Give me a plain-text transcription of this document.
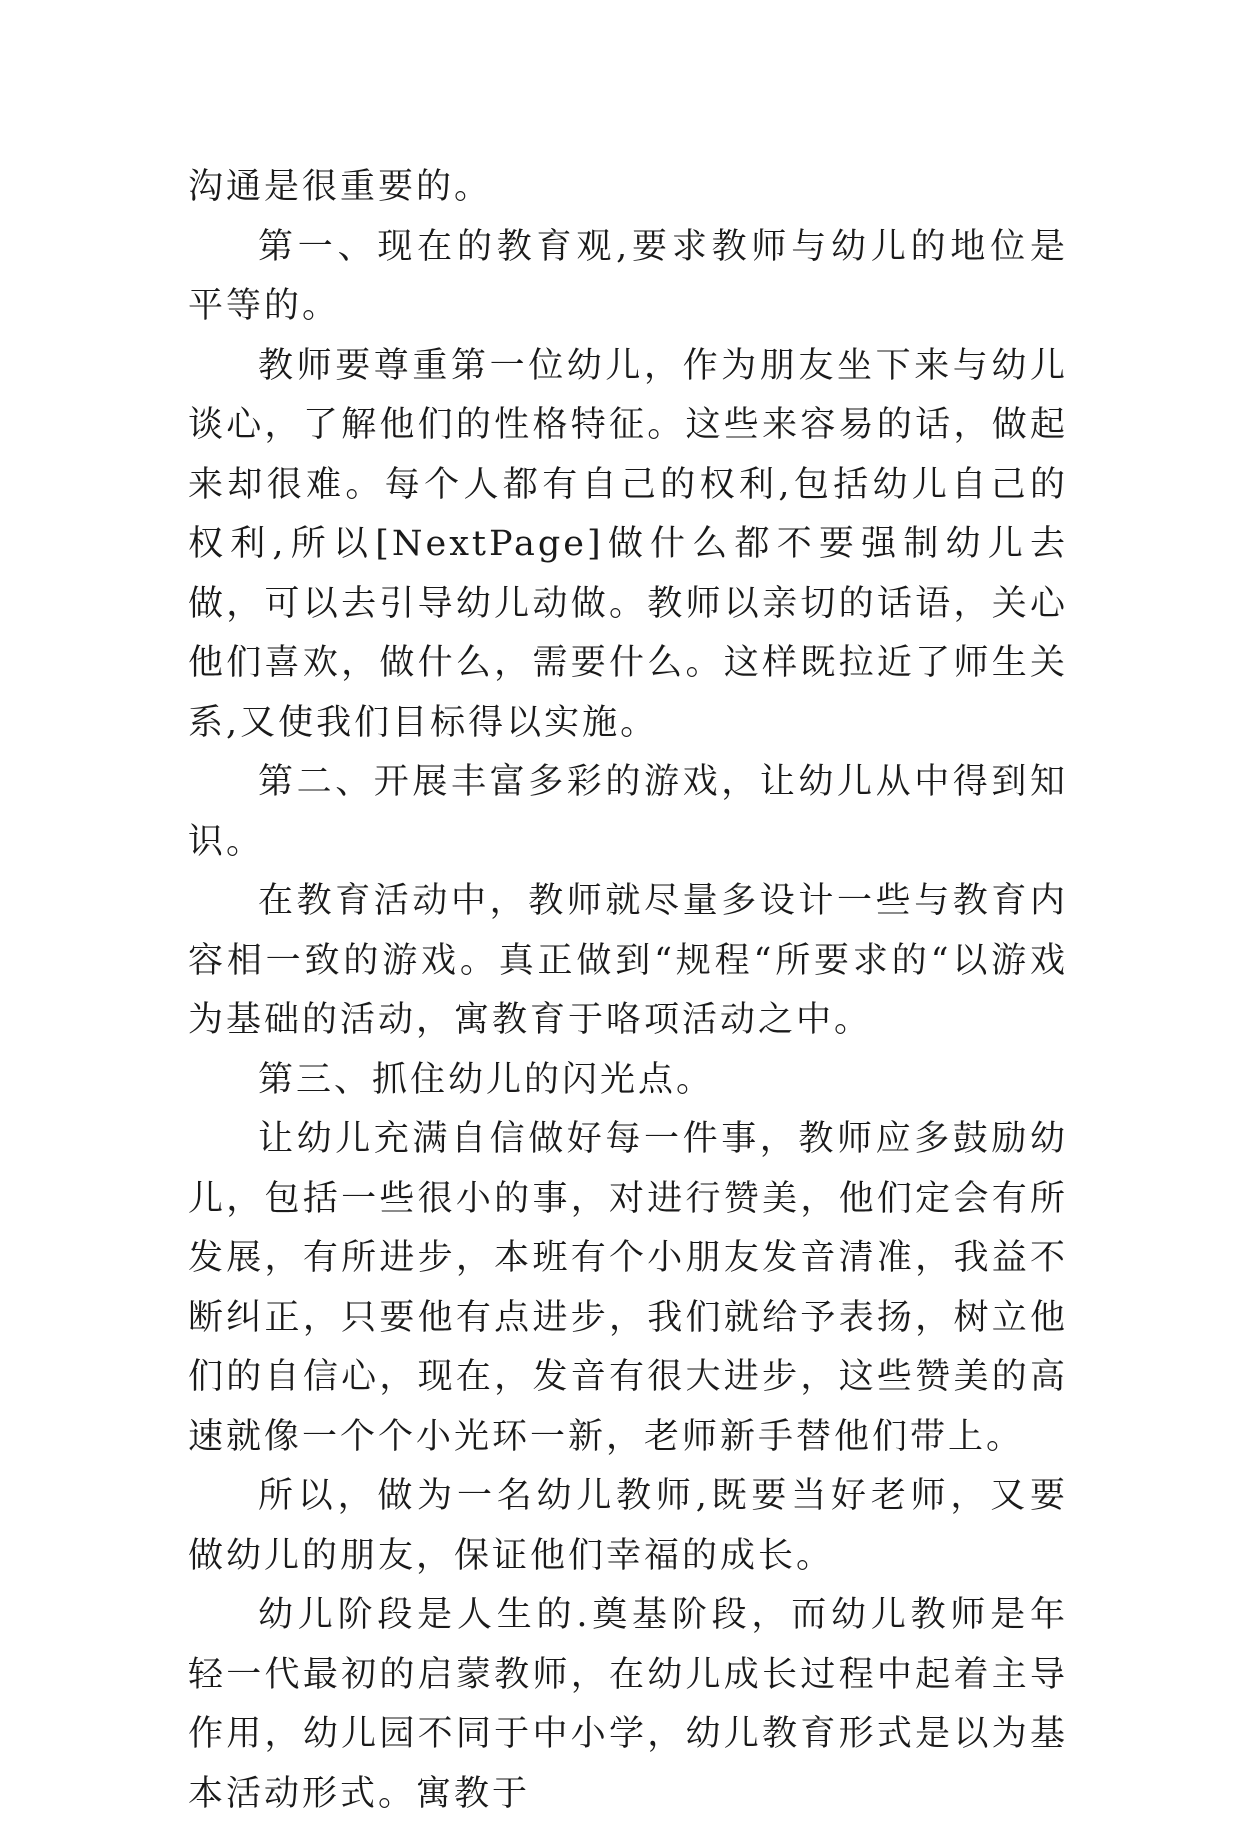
沟通是很重要的。

第一、现在的教育观,要求教师与幼儿的地位是平等的。

教师要尊重第一位幼儿，作为朋友坐下来与幼儿谈心，了解他们的性格特征。这些来容易的话，做起来却很难。每个人都有自己的权利,包括幼儿自己的权利,所以[NextPage]做什么都不要强制幼儿去做，可以去引导幼儿动做。教师以亲切的话语，关心他们喜欢，做什么，需要什么。这样既拉近了师生关系,又使我们目标得以实施。

第二、开展丰富多彩的游戏，让幼儿从中得到知识。

在教育活动中，教师就尽量多设计一些与教育内容相一致的游戏。真正做到“规程“所要求的“以游戏为基础的活动，寓教育于咯项活动之中。

第三、抓住幼儿的闪光点。

让幼儿充满自信做好每一件事，教师应多鼓励幼儿，包括一些很小的事，对进行赞美，他们定会有所发展，有所进步，本班有个小朋友发音清准，我益不断纠正，只要他有点进步，我们就给予表扬，树立他们的自信心，现在，发音有很大进步，这些赞美的高速就像一个个小光环一新，老师新手替他们带上。

所以，做为一名幼儿教师,既要当好老师，又要做幼儿的朋友，保证他们幸福的成长。

幼儿阶段是人生的.奠基阶段，而幼儿教师是年轻一代最初的启蒙教师，在幼儿成长过程中起着主导作用，幼儿园不同于中小学，幼儿教育形式是以为基本活动形式。寓教于
